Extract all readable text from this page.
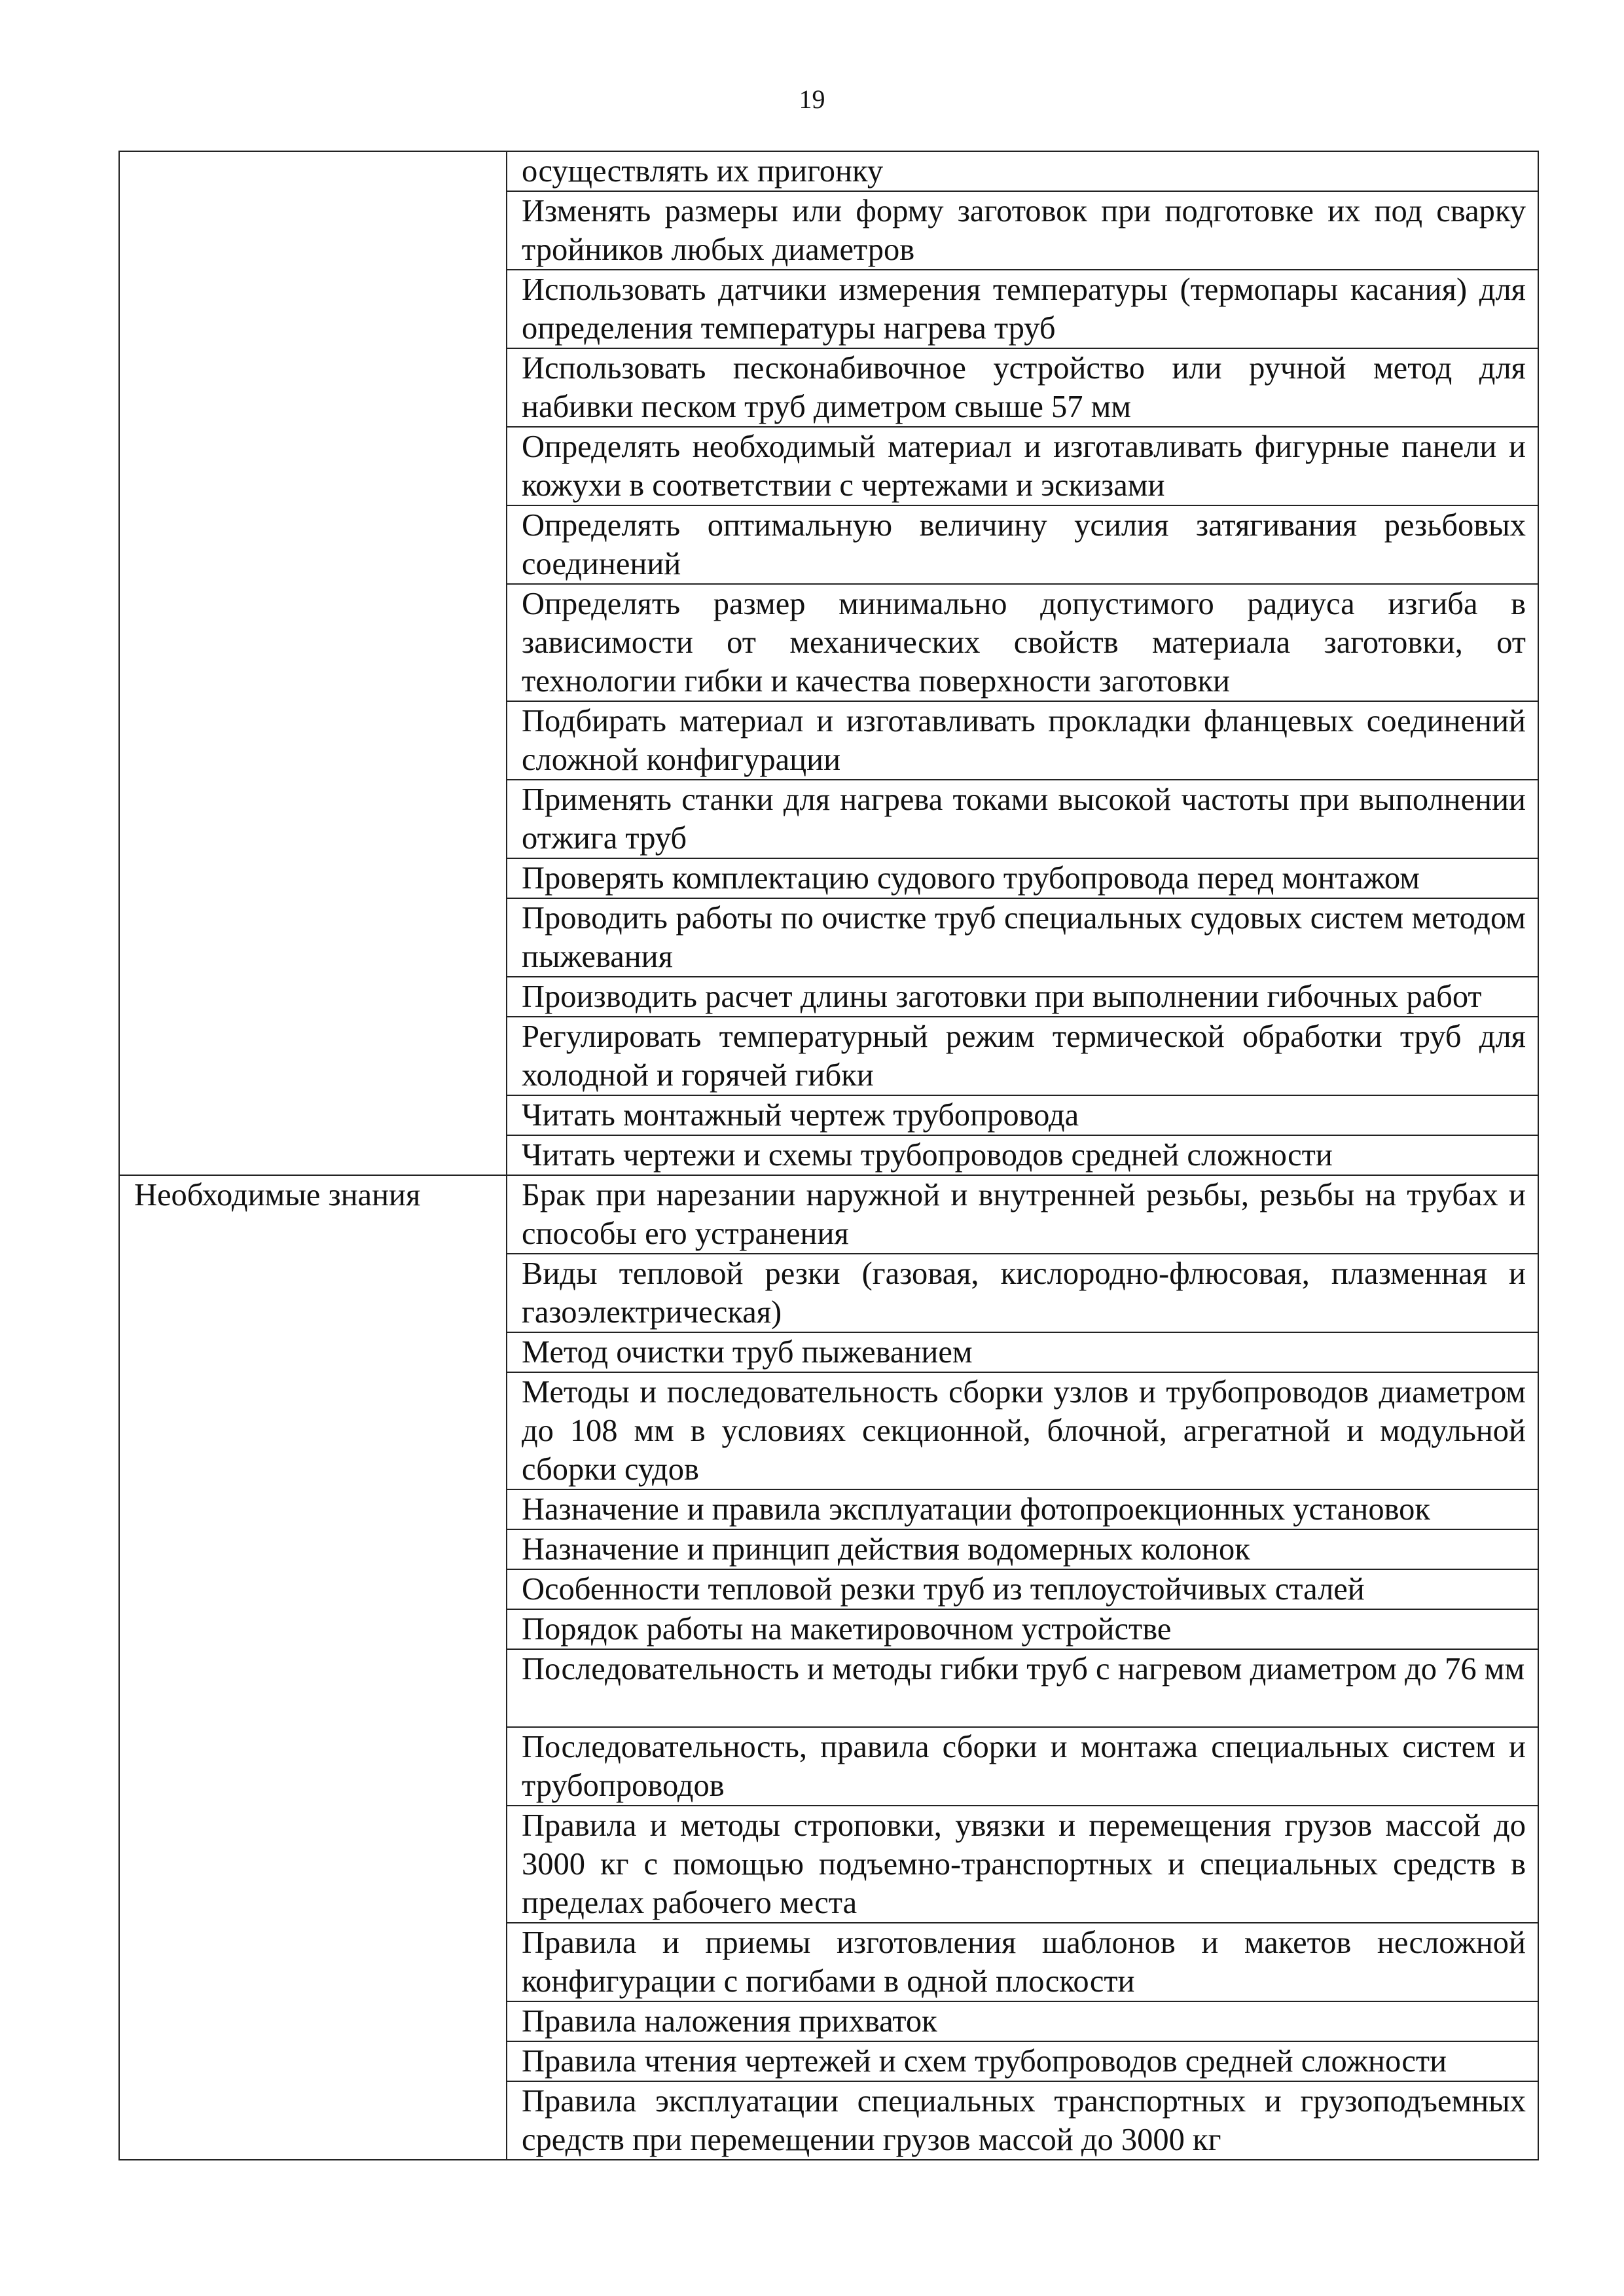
19
	осуществлять их пригонку
	Изменять размеры или форму заготовок при подготовке их под сварку тройников любых диаметров
	Использовать датчики измерения температуры (термопары касания) для определения температуры нагрева труб
	Использовать песконабивочное устройство или ручной метод для набивки песком труб диметром свыше 57 мм
	Определять необходимый материал и изготавливать фигурные панели и кожухи в соответствии с чертежами и эскизами
	Определять оптимальную величину усилия затягивания резьбовых соединений
	Определять размер минимально допустимого радиуса изгиба в зависимости от механических свойств материала заготовки, от технологии гибки и качества поверхности заготовки
	Подбирать материал и изготавливать прокладки фланцевых соединений сложной конфигурации
	Применять станки для нагрева токами высокой частоты при выполнении отжига труб
	Проверять комплектацию судового трубопровода перед монтажом
	Проводить работы по очистке труб специальных судовых систем методом пыжевания
	Производить расчет длины заготовки при выполнении гибочных работ
	Регулировать температурный режим термической обработки труб для холодной и горячей гибки
	Читать монтажный чертеж трубопровода
	Читать чертежи и схемы трубопроводов средней сложности
Необходимые знания	Брак при нарезании наружной и внутренней резьбы, резьбы на трубах и способы его устранения
	Виды тепловой резки (газовая, кислородно-флюсовая, плазменная и газоэлектрическая)
	Метод очистки труб пыжеванием
	Методы и последовательность сборки узлов и трубопроводов диаметром до 108 мм в условиях секционной, блочной, агрегатной и модульной сборки судов
	Назначение и правила эксплуатации фотопроекционных установок
	Назначение и принцип действия водомерных колонок
	Особенности тепловой резки труб из теплоустойчивых сталей
	Порядок работы на макетировочном устройстве
	Последовательность и методы гибки труб с нагревом диаметром до 76 мм
	Последовательность, правила сборки и монтажа специальных систем и трубопроводов
	Правила и методы строповки, увязки и перемещения грузов массой до 3000 кг с помощью подъемно-транспортных и специальных средств в пределах рабочего места
	Правила и приемы изготовления шаблонов и макетов несложной конфигурации с погибами в одной плоскости
	Правила наложения прихваток
	Правила чтения чертежей и схем трубопроводов средней сложности
	Правила эксплуатации специальных транспортных и грузоподъемных средств при перемещении грузов массой до 3000 кг
